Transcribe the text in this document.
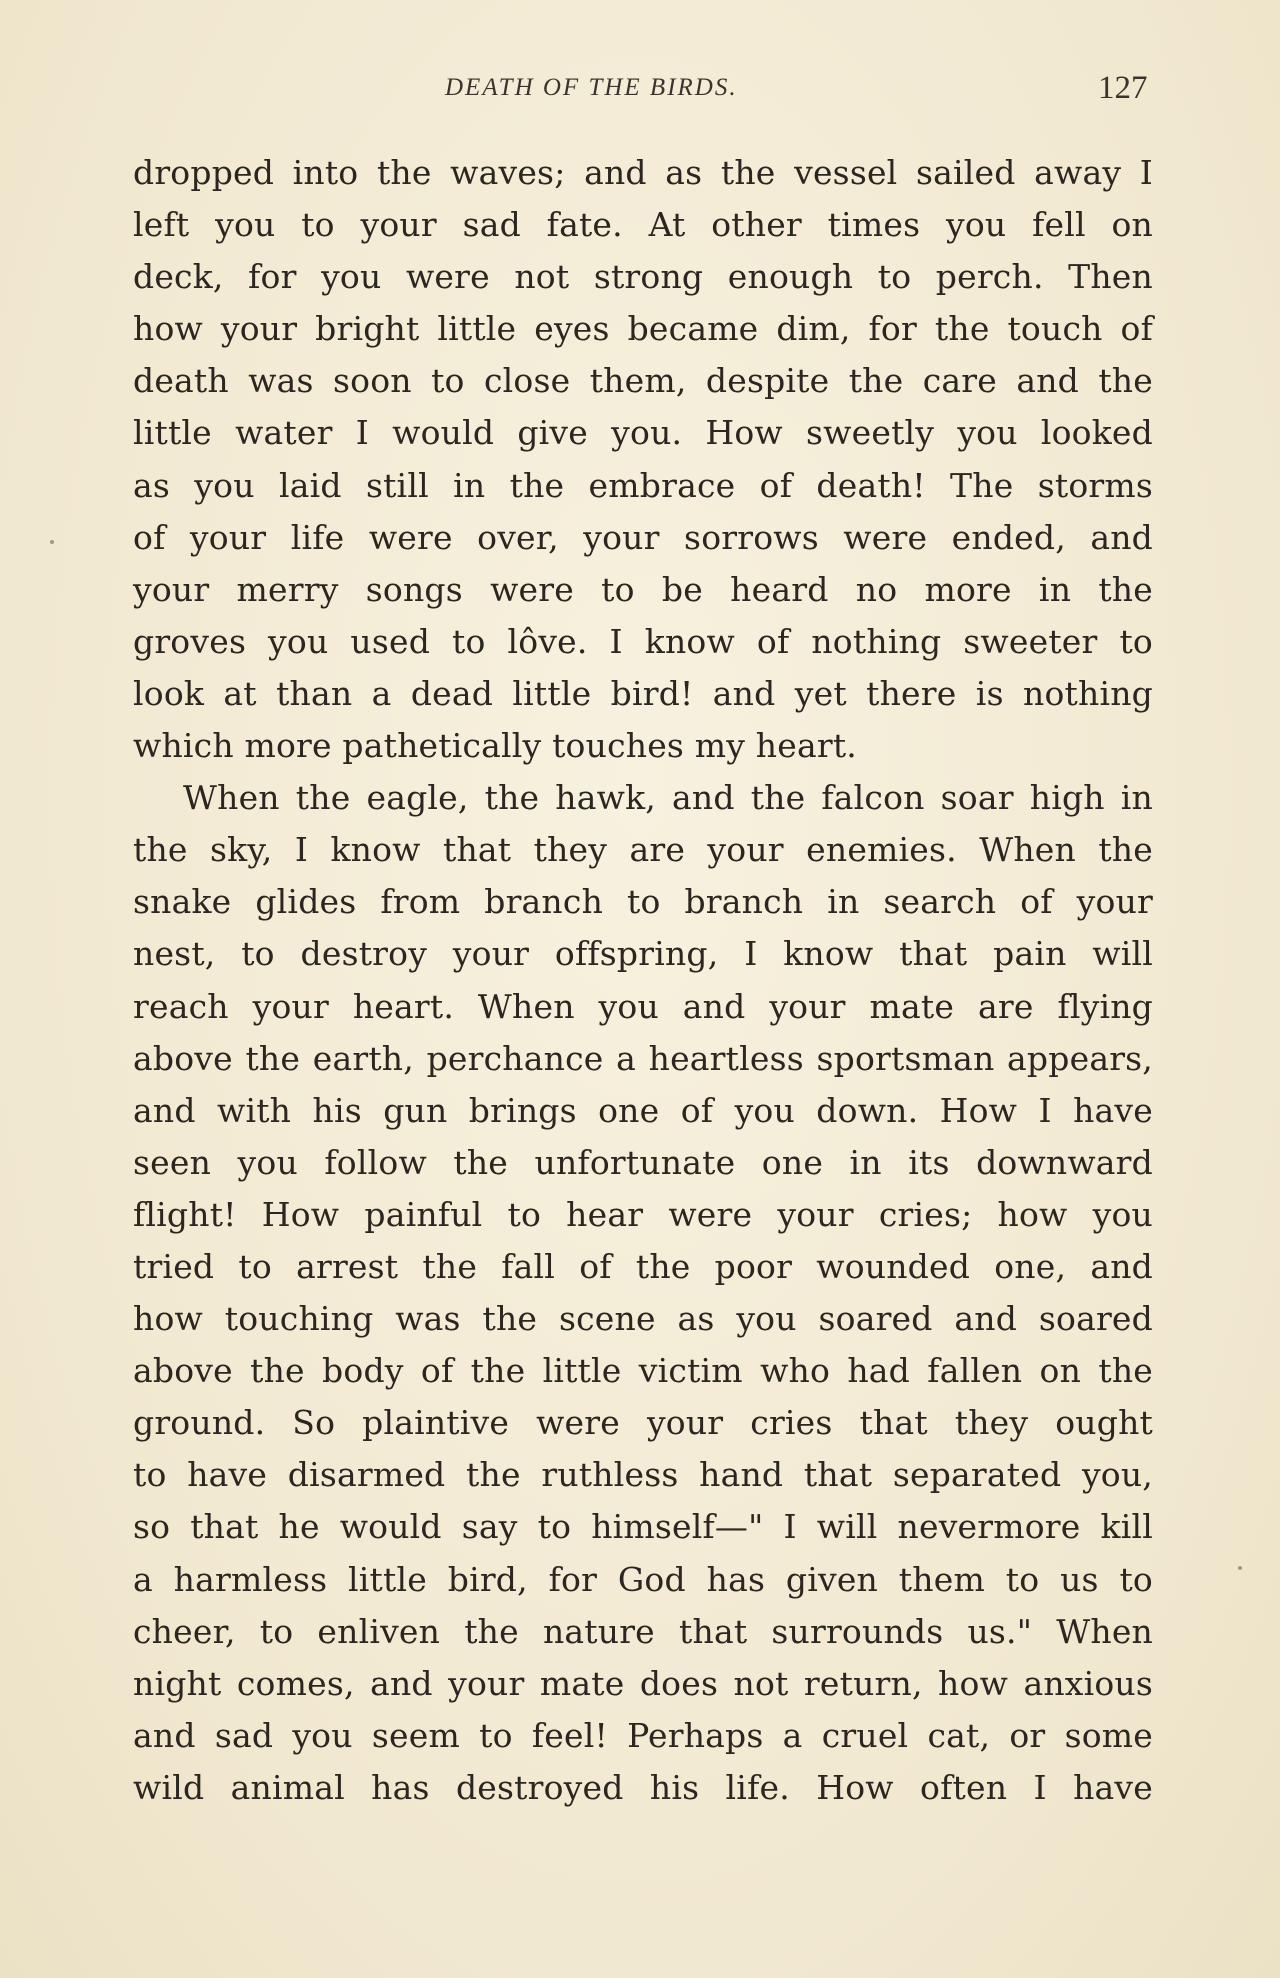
DEATH OF THE BIRDS.	127
dropped into the waves; and as the vessel sailed away I
left you to your sad fate. At other times you fell on
deck, for you were not strong enough to perch. Then
how your bright little eyes became dim, for the touch of
death was soon to close them, despite the care and the
little water I would give you. How sweetly you looked
as you laid still in the embrace of death! The storms
of your life were over, your sorrows were ended, and
your merry songs were to be heard no more in the
groves you used to lôve. I know of nothing sweeter to
look at than a dead little bird! and yet there is nothing
which more pathetically touches my heart.
When the eagle, the hawk, and the falcon soar high in
the sky, I know that they are your enemies. When the
snake glides from branch to branch in search of your
nest, to destroy your offspring, I know that pain will
reach your heart. When you and your mate are flying
above the earth, perchance a heartless sportsman appears,
and with his gun brings one of you down. How I have
seen you follow the unfortunate one in its downward
flight! How painful to hear were your cries; how you
tried to arrest the fall of the poor wounded one, and
how touching was the scene as you soared and soared
above the body of the little victim who had fallen on the
ground. So plaintive were your cries that they ought
to have disarmed the ruthless hand that separated you,
so that he would say to himself—" I will nevermore kill
a harmless little bird, for God has given them to us to
cheer, to enliven the nature that surrounds us." When
night comes, and your mate does not return, how anxious
and sad you seem to feel! Perhaps a cruel cat, or some
wild animal has destroyed his life. How often I have
